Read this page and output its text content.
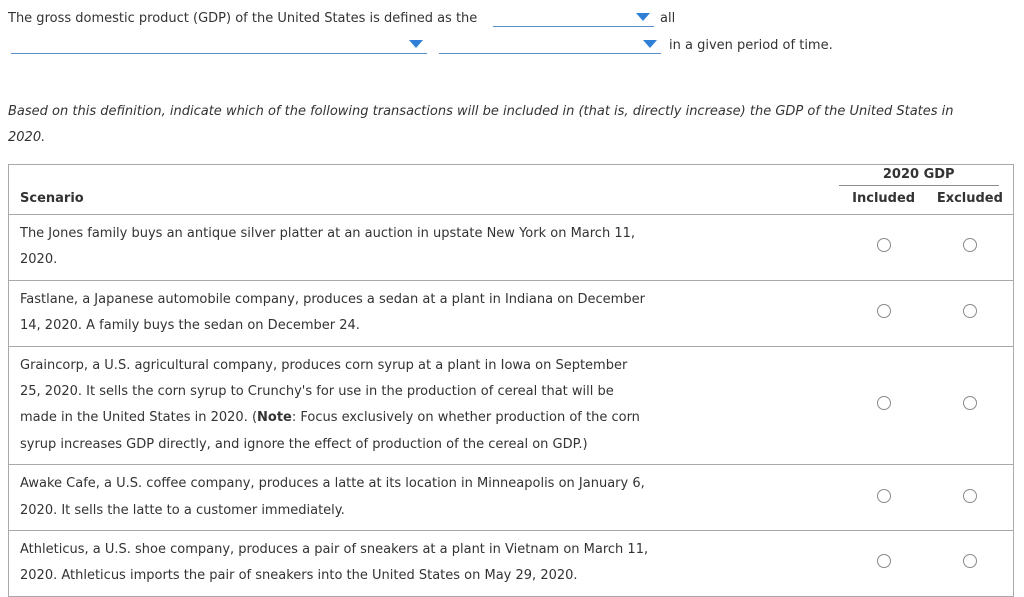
The gross domestic product (GDP) of the United States is defined as the	all
in a given period of time.
Based on this definition, indicate which of the following transactions will be included in (that is, directly increase) the GDP of the United States in
2020.
Scenario	2020 GDP
Included Excluded

The Jones family buys an antique silver platter at an auction in upstate New York on March 11, 2020.	

Fastlane, a Japanese automobile company, produces a sedan at a plant in Indiana on December 14, 2020. A family buys the sedan on December 24.	

Graincorp, a U.S. agricultural company, produces corn syrup at a plant in Iowa on September 25, 2020. It sells the corn syrup to Crunchy's for use in the production of cereal that will be made in the United States in 2020. (Note: Focus exclusively on whether production of the corn syrup increases GDP directly, and ignore the effect of production of the cereal on GDP.)	

Awake Cafe, a U.S. coffee company, produces a latte at its location in Minneapolis on January 6, 2020. It sells the latte to a customer immediately.	

Athleticus, a U.S. shoe company, produces a pair of sneakers at a plant in Vietnam on March 11, 2020. Athleticus imports the pair of sneakers into the United States on May 29, 2020.	
